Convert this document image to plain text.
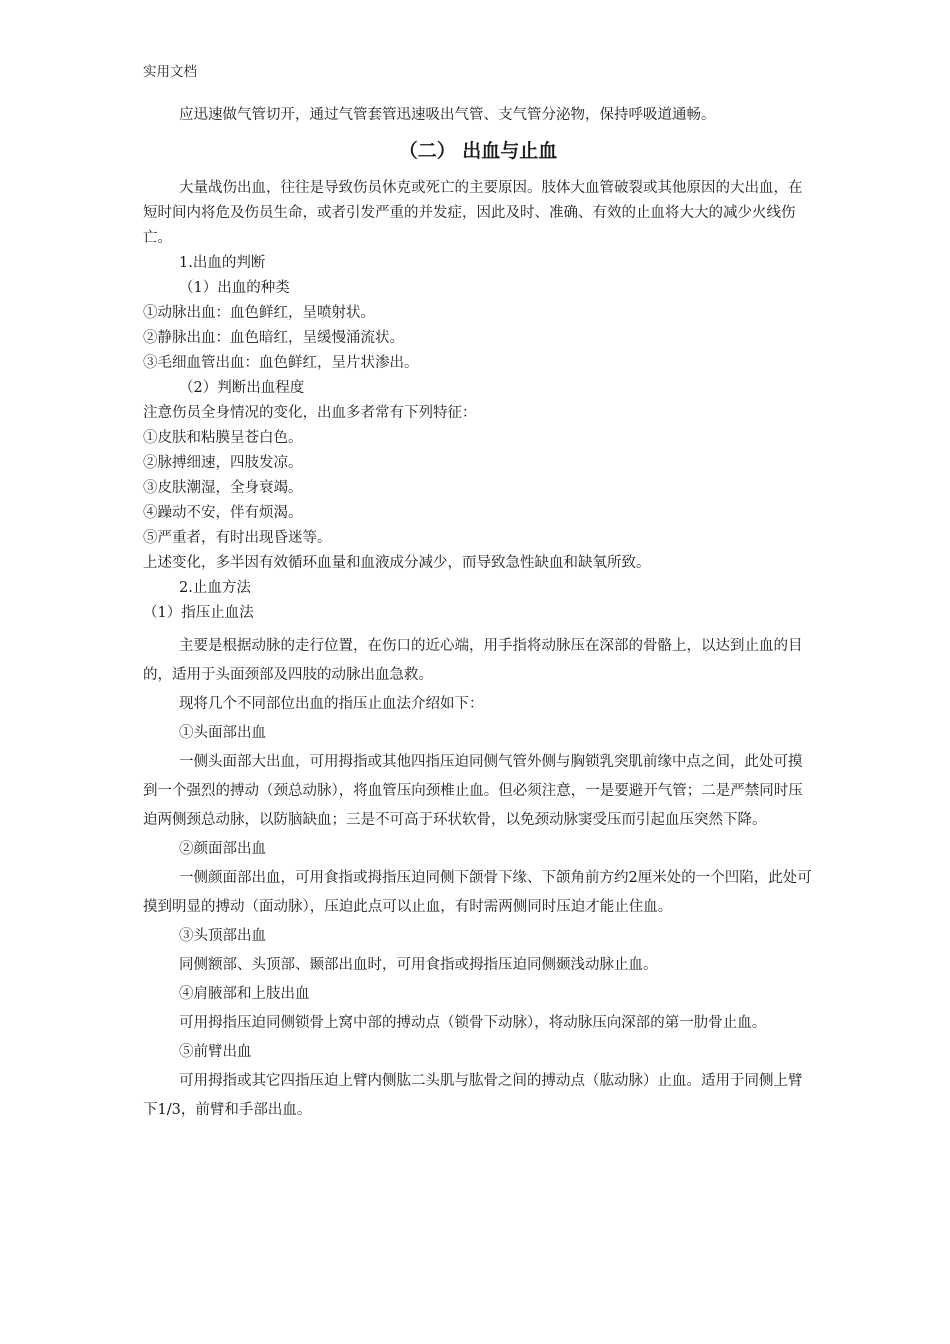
实用文档

应迅速做气管切开，通过气管套管迅速吸出气管、支气管分泌物，保持呼吸道通畅。

（二） 出血与止血

大量战伤出血，往往是导致伤员休克或死亡的主要原因。肢体大血管破裂或其他原因的大出血，在短时间内将危及伤员生命，或者引发严重的并发症，因此及时、准确、有效的止血将大大的减少火线伤亡。

1.出血的判断

（1）出血的种类

①动脉出血：血色鲜红，呈喷射状。

②静脉出血：血色暗红，呈缓慢涌流状。

③毛细血管出血：血色鲜红，呈片状渗出。

（2）判断出血程度

注意伤员全身情况的变化，出血多者常有下列特征：

①皮肤和粘膜呈苍白色。

②脉搏细速，四肢发凉。

③皮肤潮湿，全身衰竭。

④躁动不安，伴有烦渴。

⑤严重者，有时出现昏迷等。

上述变化，多半因有效循环血量和血液成分减少，而导致急性缺血和缺氧所致。

2.止血方法

（1）指压止血法

主要是根据动脉的走行位置，在伤口的近心端，用手指将动脉压在深部的骨骼上，以达到止血的目的，适用于头面颈部及四肢的动脉出血急救。

现将几个不同部位出血的指压止血法介绍如下：

①头面部出血

一侧头面部大出血，可用拇指或其他四指压迫同侧气管外侧与胸锁乳突肌前缘中点之间，此处可摸到一个强烈的搏动（颈总动脉），将血管压向颈椎止血。但必须注意，一是要避开气管；二是严禁同时压迫两侧颈总动脉，以防脑缺血；三是不可高于环状软骨，以免颈动脉窦受压而引起血压突然下降。

②颜面部出血

一侧颜面部出血，可用食指或拇指压迫同侧下颌骨下缘、下颌角前方约2厘米处的一个凹陷，此处可摸到明显的搏动（面动脉），压迫此点可以止血，有时需两侧同时压迫才能止住血。

③头顶部出血

同侧额部、头顶部、颞部出血时，可用食指或拇指压迫同侧颞浅动脉止血。

④肩腋部和上肢出血

可用拇指压迫同侧锁骨上窝中部的搏动点（锁骨下动脉），将动脉压向深部的第一肋骨止血。

⑤前臂出血

可用拇指或其它四指压迫上臂内侧肱二头肌与肱骨之间的搏动点（肱动脉）止血。适用于同侧上臂下1/3，前臂和手部出血。
